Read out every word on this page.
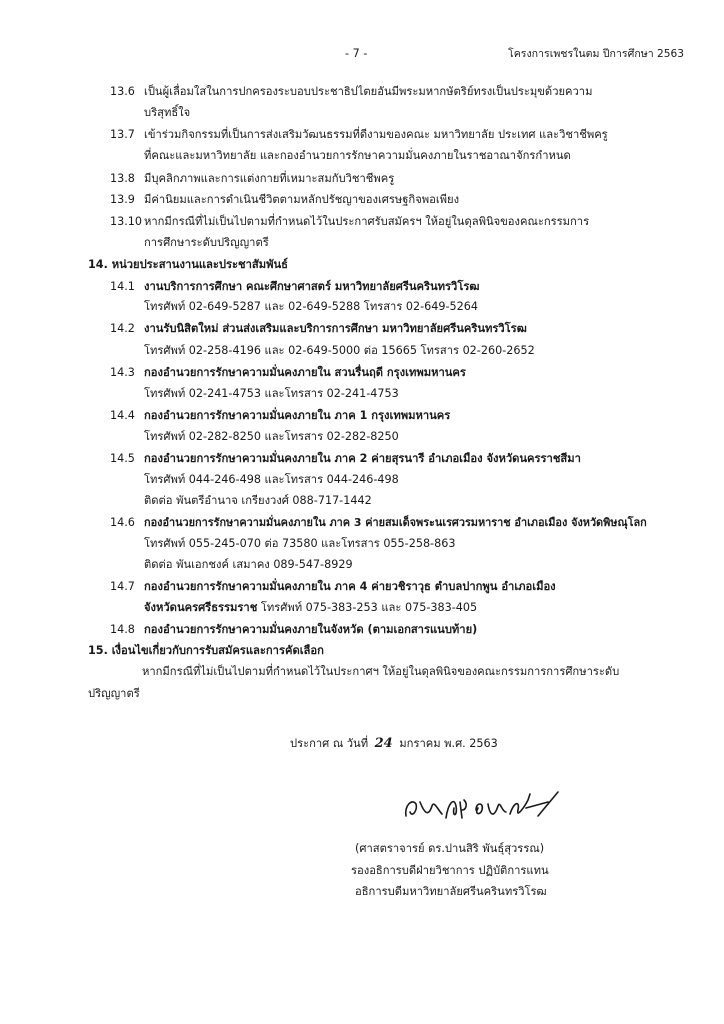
- 7 -	โครงการเพชรในตม ปีการศึกษา 2563
13.6 เป็นผู้เลื่อมใสในการปกครองระบอบประชาธิปไตยอันมีพระมหากษัตริย์ทรงเป็นประมุขด้วยความ
บริสุทธิ์ใจ
13.7 เข้าร่วมกิจกรรมที่เป็นการส่งเสริมวัฒนธรรมที่ดีงามของคณะ มหาวิทยาลัย ประเทศ และวิชาชีพครู
ที่คณะและมหาวิทยาลัย และกองอำนวยการรักษาความมั่นคงภายในราชอาณาจักรกำหนด
13.8 มีบุคลิกภาพและการแต่งกายที่เหมาะสมกับวิชาชีพครู
13.9 มีค่านิยมและการดำเนินชีวิตตามหลักปรัชญาของเศรษฐกิจพอเพียง
13.10 หากมีกรณีที่ไม่เป็นไปตามที่กำหนดไว้ในประกาศรับสมัครฯ ให้อยู่ในดุลพินิจของคณะกรรมการ
การศึกษาระดับปริญญาตรี
14. หน่วยประสานงานและประชาสัมพันธ์
14.1 งานบริการการศึกษา คณะศึกษาศาสตร์ มหาวิทยาลัยศรีนครินทรวิโรฒ
โทรศัพท์ 02-649-5287 และ 02-649-5288 โทรสาร 02-649-5264
14.2 งานรับนิสิตใหม่ ส่วนส่งเสริมและบริการการศึกษา มหาวิทยาลัยศรีนครินทรวิโรฒ
โทรศัพท์ 02-258-4196 และ 02-649-5000 ต่อ 15665 โทรสาร 02-260-2652
14.3 กองอำนวยการรักษาความมั่นคงภายใน สวนรื่นฤดี กรุงเทพมหานคร
โทรศัพท์ 02-241-4753 และโทรสาร 02-241-4753
14.4 กองอำนวยการรักษาความมั่นคงภายใน ภาค 1 กรุงเทพมหานคร
โทรศัพท์ 02-282-8250 และโทรสาร 02-282-8250
14.5 กองอำนวยการรักษาความมั่นคงภายใน ภาค 2 ค่ายสุรนารี อำเภอเมือง จังหวัดนครราชสีมา
โทรศัพท์ 044-246-498 และโทรสาร 044-246-498
ติดต่อ พันตรีอำนาจ เกรียงวงศ์ 088-717-1442
14.6 กองอำนวยการรักษาความมั่นคงภายใน ภาค 3 ค่ายสมเด็จพระนเรศวรมหาราช อำเภอเมือง จังหวัดพิษณุโลก
โทรศัพท์ 055-245-070 ต่อ 73580 และโทรสาร 055-258-863
ติดต่อ พันเอกชงค์ เสมาคง 089-547-8929
14.7 กองอำนวยการรักษาความมั่นคงภายใน ภาค 4 ค่ายวชิราวุธ ตำบลปากพูน อำเภอเมือง
จังหวัดนครศรีธรรมราช โทรศัพท์ 075-383-253 และ 075-383-405
14.8 กองอำนวยการรักษาความมั่นคงภายในจังหวัด (ตามเอกสารแนบท้าย)
15. เงื่อนไขเกี่ยวกับการรับสมัครและการคัดเลือก
หากมีกรณีที่ไม่เป็นไปตามที่กำหนดไว้ในประกาศฯ ให้อยู่ในดุลพินิจของคณะกรรมการการศึกษาระดับ
ปริญญาตรี
ประกาศ ณ วันที่ 24 มกราคม พ.ศ. 2563
(ศาสตราจารย์ ดร.ปานสิริ พันธุ์สุวรรณ)
รองอธิการบดีฝ่ายวิชาการ ปฏิบัติการแทน
อธิการบดีมหาวิทยาลัยศรีนครินทรวิโรฒ
